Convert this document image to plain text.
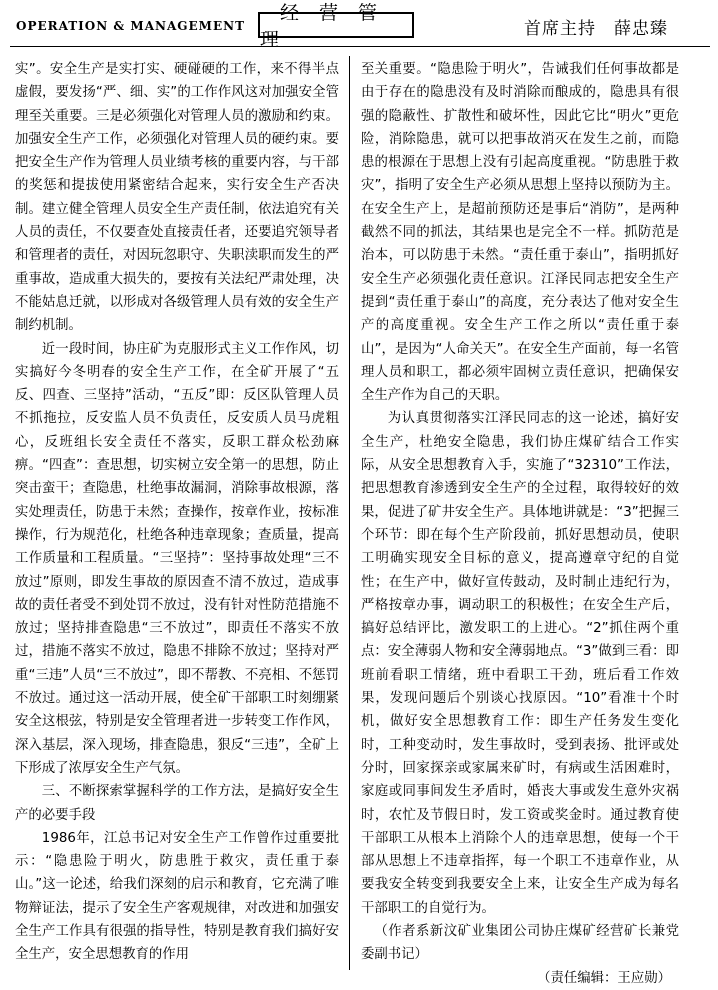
OPERATION & MANAGEMENT
经营管理	首席主持　薛忠臻

实”。安全生产是实打实、硬碰硬的工作，来不得半点虚假，要发扬“严、细、实”的工作作风这对加强安全管理至关重要。三是必须强化对管理人员的激励和约束。加强安全生产工作，必须强化对管理人员的硬约束。要把安全生产作为管理人员业绩考核的重要内容，与干部的奖惩和提拔使用紧密结合起来，实行安全生产否决制。建立健全管理人员安全生产责任制，依法追究有关人员的责任，不仅要查处直接责任者，还要追究领导者和管理者的责任，对因玩忽职守、失职渎职而发生的严重事故，造成重大损失的，要按有关法纪严肃处理，决不能姑息迁就，以形成对各级管理人员有效的安全生产制约机制。

近一段时间，协庄矿为克服形式主义工作作风，切实搞好今冬明春的安全生产工作，在全矿开展了“五反、四查、三坚持”活动，“五反”即：反区队管理人员不抓拖拉，反安监人员不负责任，反安质人员马虎粗心，反班组长安全责任不落实，反职工群众松劲麻痹。“四查”：查思想，切实树立安全第一的思想，防止突击蛮干；查隐患，杜绝事故漏洞，消除事故根源，落实处理责任，防患于未然；查操作，按章作业，按标准操作，行为规范化，杜绝各种违章现象；查质量，提高工作质量和工程质量。“三坚持”：坚持事故处理“三不放过”原则，即发生事故的原因查不清不放过，造成事故的责任者受不到处罚不放过，没有针对性防范措施不放过；坚持排查隐患“三不放过”，即责任不落实不放过，措施不落实不放过，隐患不排除不放过；坚持对严重“三违”人员“三不放过”，即不帮教、不亮相、不惩罚不放过。通过这一活动开展，使全矿干部职工时刻绷紧安全这根弦，特别是安全管理者进一步转变工作作风，深入基层，深入现场，排查隐患，狠反“三违”，全矿上下形成了浓厚安全生产气氛。

三、不断探索掌握科学的工作方法，是搞好安全生产的必要手段

1986年，江总书记对安全生产工作曾作过重要批示：“隐患险于明火，防患胜于救灾，责任重于泰山。”这一论述，给我们深刻的启示和教育，它充满了唯物辩证法，提示了安全生产客观规律，对改进和加强安全生产工作具有很强的指导性，特别是教育我们搞好安全生产，安全思想教育的作用

至关重要。“隐患险于明火”，告诫我们任何事故都是由于存在的隐患没有及时消除而酿成的，隐患具有很强的隐蔽性、扩散性和破坏性，因此它比“明火”更危险，消除隐患，就可以把事故消灭在发生之前，而隐患的根源在于思想上没有引起高度重视。“防患胜于救灾”，指明了安全生产必须从思想上坚持以预防为主。在安全生产上，是超前预防还是事后“消防”，是两种截然不同的抓法，其结果也是完全不一样。抓防范是治本，可以防患于未然。“责任重于泰山”，指明抓好安全生产必须强化责任意识。江泽民同志把安全生产提到“责任重于泰山”的高度，充分表达了他对安全生产的高度重视。安全生产工作之所以“责任重于泰山”，是因为“人命关天”。在安全生产面前，每一名管理人员和职工，都必须牢固树立责任意识，把确保安全生产作为自己的天职。

为认真贯彻落实江泽民同志的这一论述，搞好安全生产，杜绝安全隐患，我们协庄煤矿结合工作实际，从安全思想教育入手，实施了“32310”工作法，把思想教育渗透到安全生产的全过程，取得较好的效果，促进了矿井安全生产。具体地讲就是：“3”把握三个环节：即在每个生产阶段前，抓好思想动员，使职工明确实现安全目标的意义，提高遵章守纪的自觉性；在生产中，做好宣传鼓动，及时制止违纪行为，严格按章办事，调动职工的积极性；在安全生产后，搞好总结评比，激发职工的上进心。“2”抓住两个重点：安全薄弱人物和安全薄弱地点。“3”做到三看：即班前看职工情绪，班中看职工干劲，班后看工作效果，发现问题后个别谈心找原因。“10”看准十个时机，做好安全思想教育工作：即生产任务发生变化时，工种变动时，发生事故时，受到表扬、批评或处分时，回家探亲或家属来矿时，有病或生活困难时，家庭或同事间发生矛盾时，婚丧大事或发生意外灾祸时，农忙及节假日时，发工资或奖金时。通过教育使干部职工从根本上消除个人的违章思想，使每一个干部从思想上不违章指挥，每一个职工不违章作业，从要我安全转变到我要安全上来，让安全生产成为每名干部职工的自觉行为。

（作者系新汶矿业集团公司协庄煤矿经营矿长兼党委副书记）

（责任编辑：王应勋）
